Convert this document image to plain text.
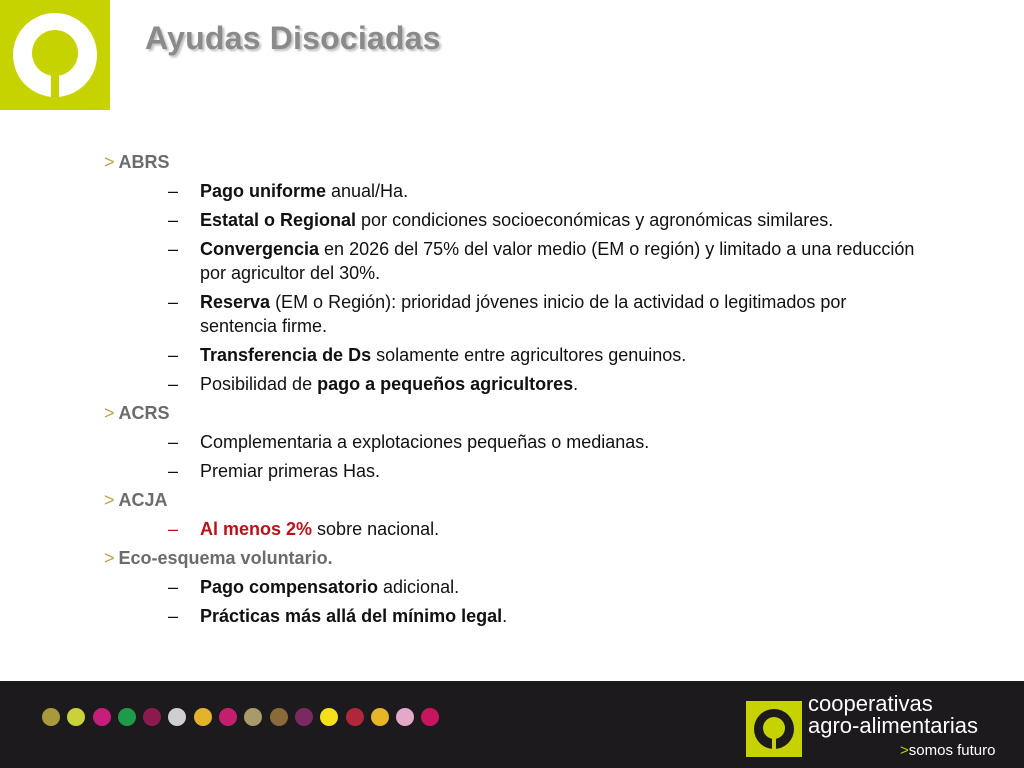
Ayudas Disociadas
> ABRS
– Pago uniforme anual/Ha.
– Estatal o Regional por condiciones socioeconómicas y agronómicas similares.
– Convergencia en 2026 del 75% del valor medio (EM o región) y limitado a una reducción por agricultor del 30%.
– Reserva (EM o Región): prioridad jóvenes inicio de la actividad o legitimados por sentencia firme.
– Transferencia de Ds solamente entre agricultores genuinos.
– Posibilidad de pago a pequeños agricultores.
> ACRS
– Complementaria a explotaciones pequeñas o medianas.
– Premiar primeras Has.
> ACJA
– Al menos 2% sobre nacional.
> Eco-esquema voluntario.
– Pago compensatorio adicional.
– Prácticas más allá del mínimo legal.
cooperativas
agro-alimentarias
>somos futuro
